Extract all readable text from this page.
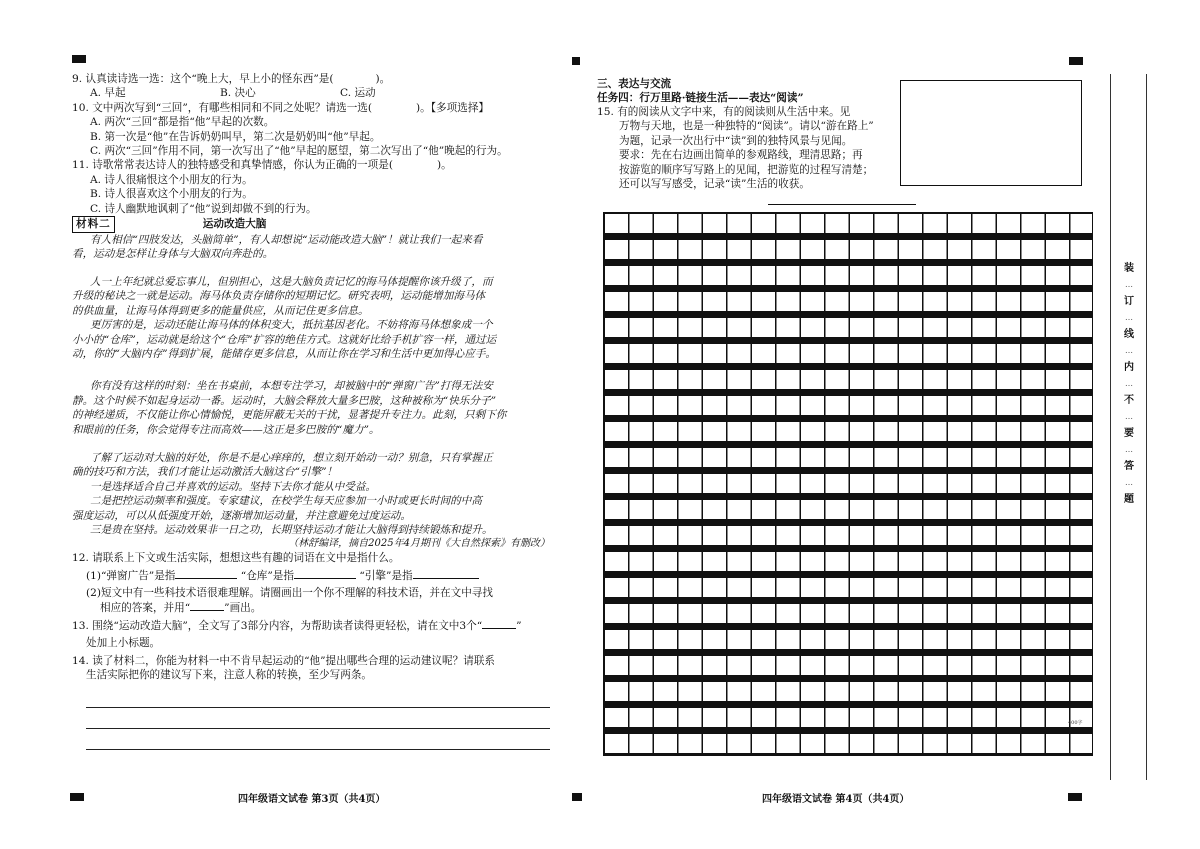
9. 认真读诗选一选：这个“晚上大，早上小的怪东西”是(	)。
A. 早起	B. 决心	C. 运动
10. 文中两次写到“三回”，有哪些相同和不同之处呢？请选一选(	)。【多项选择】
A. 两次“三回”都是指“他”早起的次数。
B. 第一次是“他”在告诉奶奶叫早，第二次是奶奶叫“他”早起。
C. 两次“三回”作用不同，第一次写出了“他”早起的愿望，第二次写出了“他”晚起的行为。
11. 诗歌常常表达诗人的独特感受和真挚情感，你认为正确的一项是(	)。
A. 诗人很痛恨这个小朋友的行为。
B. 诗人很喜欢这个小朋友的行为。
C. 诗人幽默地讽刺了“他”说到却做不到的行为。
材料二	运动改造大脑
有人相信“四肢发达，头脑简单”，有人却想说“运动能改造大脑”！就让我们一起来看
看，运动是怎样让身体与大脑双向奔赴的。
人一上年纪就总爱忘事儿，但别担心，这是大脑负责记忆的海马体提醒你该升级了，而
升级的秘诀之一就是运动。海马体负责存储你的短期记忆。研究表明，运动能增加海马体
的供血量，让海马体得到更多的能量供应，从而记住更多信息。
更厉害的是，运动还能让海马体的体积变大，抵抗基因老化。不妨将海马体想象成一个
小小的“仓库”，运动就是给这个“仓库”扩容的绝佳方式。这就好比给手机扩容一样，通过运
动，你的“大脑内存”得到扩展，能储存更多信息，从而让你在学习和生活中更加得心应手。
你有没有这样的时刻：坐在书桌前，本想专注学习，却被脑中的“弹窗广告”打得无法安
静。这个时候不如起身运动一番。运动时，大脑会释放大量多巴胺，这种被称为“快乐分子”
的神经递质，不仅能让你心情愉悦，更能屏蔽无关的干扰，显著提升专注力。此刻，只剩下你
和眼前的任务，你会觉得专注而高效——这正是多巴胺的“魔力”。
了解了运动对大脑的好处，你是不是心痒痒的，想立刻开始动一动？别急，只有掌握正
确的技巧和方法，我们才能让运动激活大脑这台“引擎”！
一是选择适合自己并喜欢的运动。坚持下去你才能从中受益。
二是把控运动频率和强度。专家建议，在校学生每天应参加一小时或更长时间的中高
强度运动，可以从低强度开始，逐渐增加运动量，并注意避免过度运动。
三是贵在坚持。运动效果非一日之功，长期坚持运动才能让大脑得到持续锻炼和提升。
（林舒编译，摘自2025年4月期刊《大自然探索》有删改）
12. 请联系上下文或生活实际，想想这些有趣的词语在文中是指什么。
(1)“弹窗广告”是指	“仓库”是指	“引擎”是指
(2)短文中有一些科技术语很难理解。请圈画出一个你不理解的科技术语，并在文中寻找
相应的答案，并用“	”画出。
13. 围绕“运动改造大脑”，全文写了3部分内容，为帮助读者读得更轻松，请在文中3个“	”
处加上小标题。
14. 读了材料二，你能为材料一中不肯早起运动的“他”提出哪些合理的运动建议呢？请联系
生活实际把你的建议写下来，注意人称的转换，至少写两条。
四年级语文试卷 第3页（共4页）
三、表达与交流
任务四：行万里路·链接生活——表达“阅读”
15. 有的阅读从文字中来，有的阅读则从生活中来。见
万物与天地，也是一种独特的“阅读”。请以“游在路上”
为题，记录一次出行中“读”到的独特风景与见闻。
要求：先在右边画出简单的参观路线，理清思路；再
按游览的顺序写写路上的见闻，把游览的过程写清楚；
还可以写写感受，记录“读”生活的收获。
400字
四年级语文试卷 第4页（共4页）
装
…
订
…
线
…
内
…
不
…
要
…
答
…
题
